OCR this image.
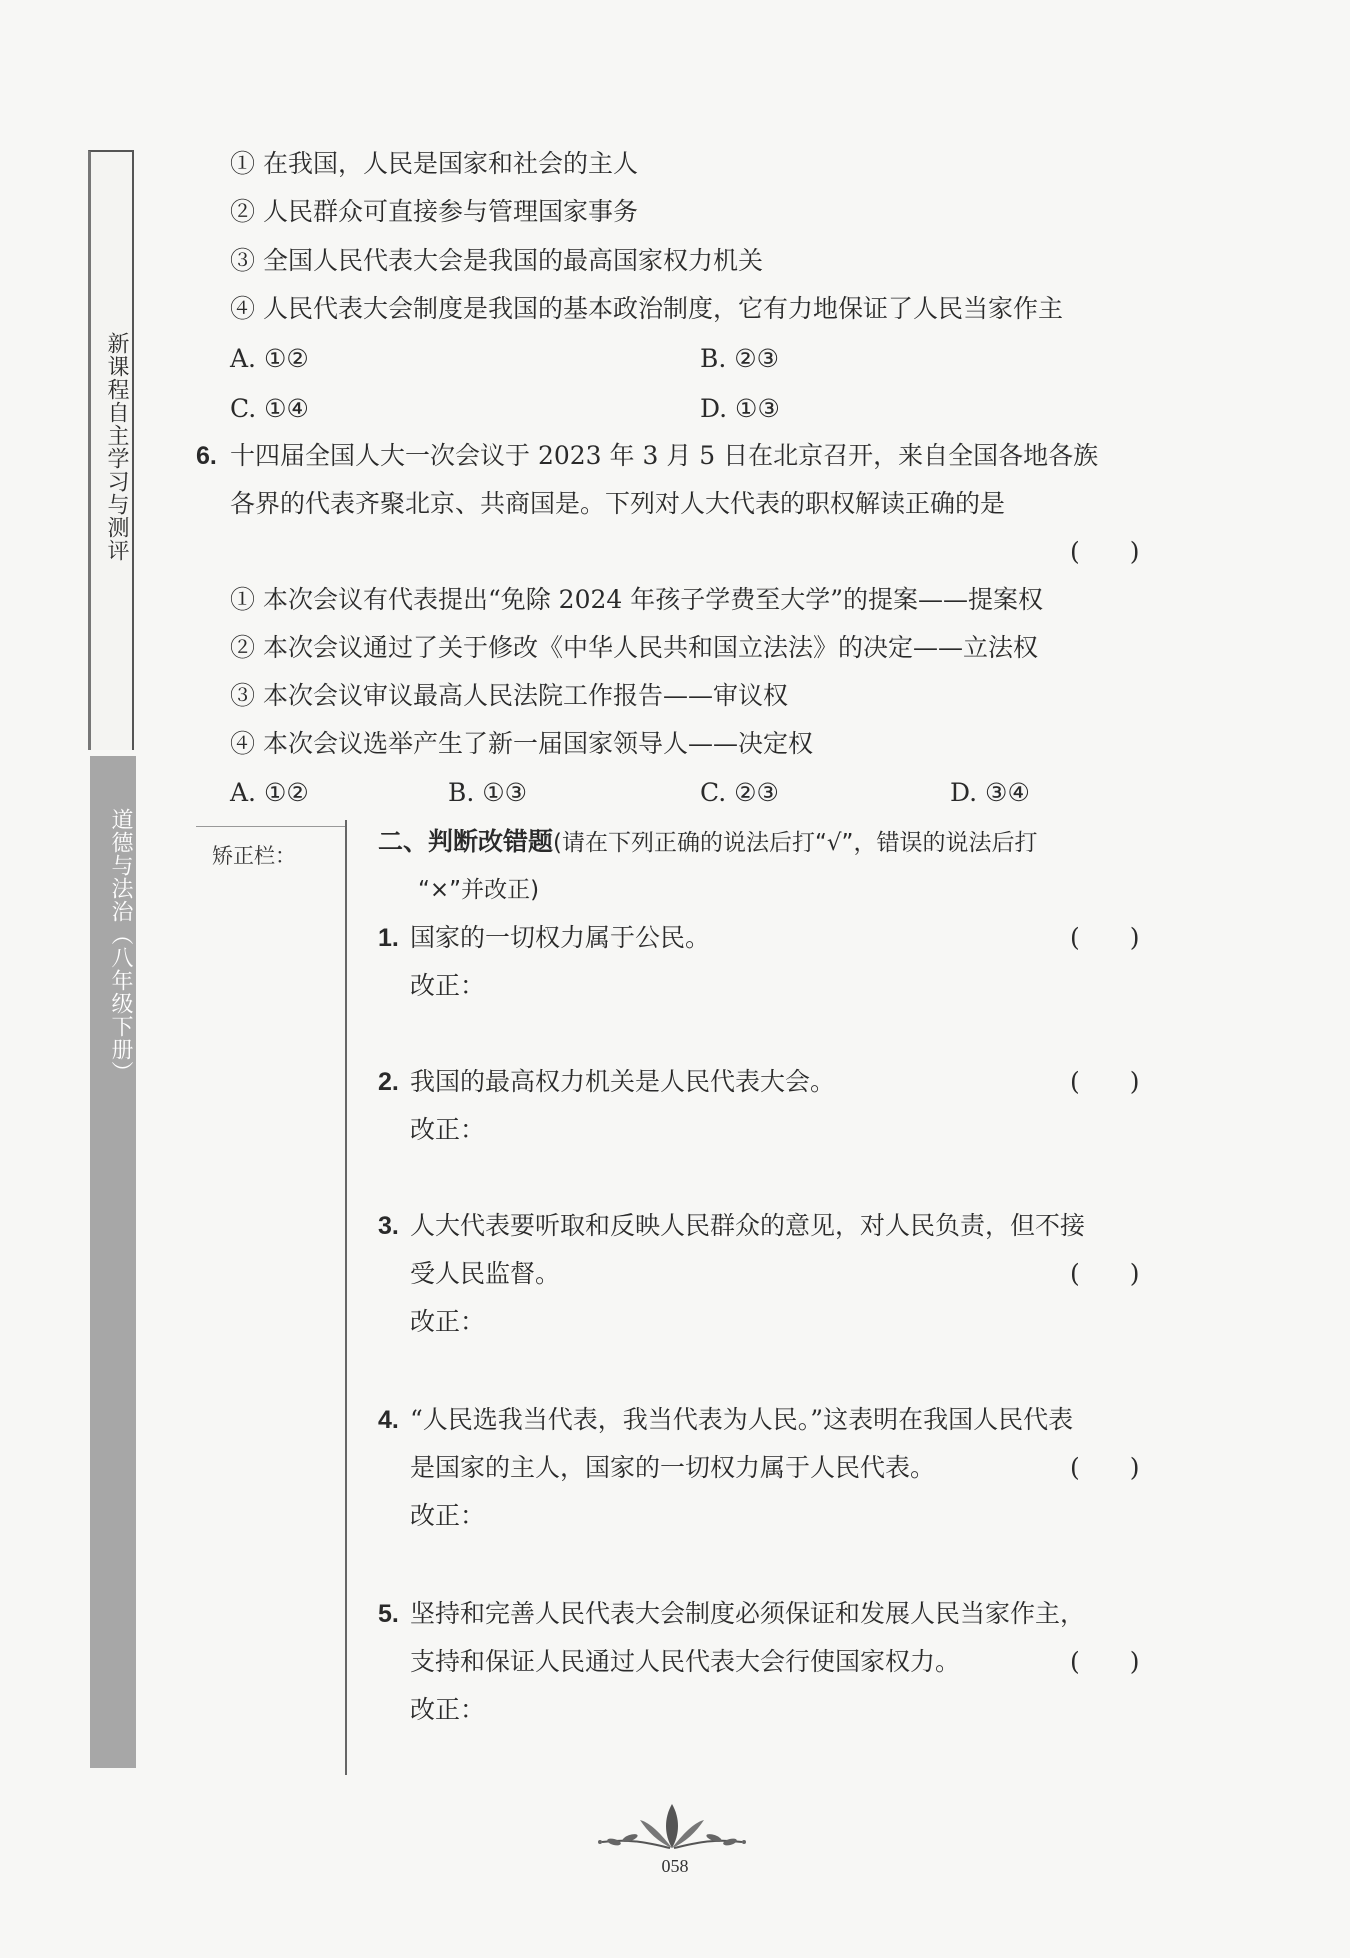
新课程自主学习与测评
道德与法治（八年级下册）
① 在我国，人民是国家和社会的主人
② 人民群众可直接参与管理国家事务
③ 全国人民代表大会是我国的最高国家权力机关
④ 人民代表大会制度是我国的基本政治制度，它有力地保证了人民当家作主
A. ①②	B. ②③
C. ①④	D. ①③
6. 十四届全国人大一次会议于 2023 年 3 月 5 日在北京召开，来自全国各地各族
各界的代表齐聚北京、共商国是。下列对人大代表的职权解读正确的是
(　　)
① 本次会议有代表提出“免除 2024 年孩子学费至大学”的提案——提案权
② 本次会议通过了关于修改《中华人民共和国立法法》的决定——立法权
③ 本次会议审议最高人民法院工作报告——审议权
④ 本次会议选举产生了新一届国家领导人——决定权
A. ①②	B. ①③	C. ②③	D. ③④
矫正栏：	二、判断改错题(请在下列正确的说法后打“√”，错误的说法后打
“×”并改正)
1. 国家的一切权力属于公民。	(　　)
改正：
2. 我国的最高权力机关是人民代表大会。	(　　)
改正：
3. 人大代表要听取和反映人民群众的意见，对人民负责，但不接
受人民监督。	(　　)
改正：
4. “人民选我当代表，我当代表为人民。”这表明在我国人民代表
是国家的主人，国家的一切权力属于人民代表。	(　　)
改正：
5. 坚持和完善人民代表大会制度必须保证和发展人民当家作主，
支持和保证人民通过人民代表大会行使国家权力。	(　　)
改正：
058
